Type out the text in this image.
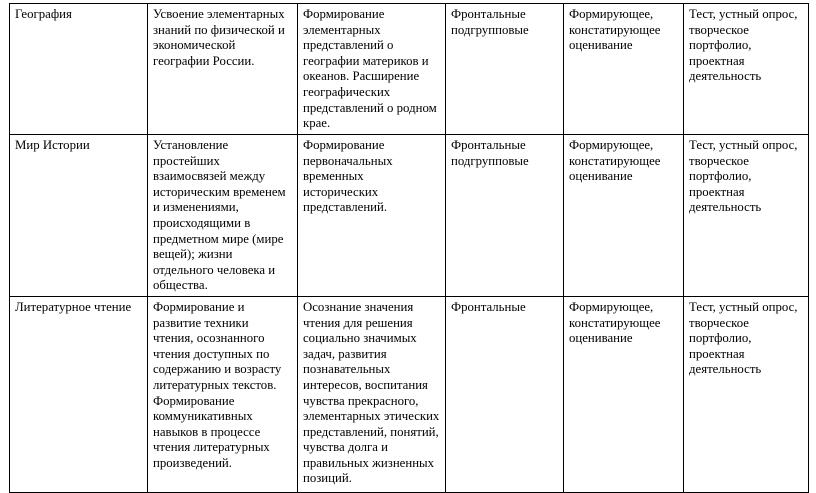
География	Усвоение элементарных знаний по физической и экономической географии России.	Формирование элементарных представлений о географии материков и океанов. Расширение географических представлений о родном крае.	Фронтальные подгрупповые	Формирующее, констатирующее оценивание	Тест, устный опрос, творческое портфолио, проектная деятельность
Мир Истории	Установление простейших взаимосвязей между историческим временем и изменениями, происходящими в предметном мире (мире вещей); жизни отдельного человека и общества.	Формирование первоначальных временных исторических представлений.	Фронтальные подгрупповые	Формирующее, констатирующее оценивание	Тест, устный опрос, творческое портфолио, проектная деятельность
Литературное чтение	Формирование и развитие техники чтения, осознанного чтения доступных по содержанию и возрасту литературных текстов. Формирование коммуникативных навыков в процессе чтения литературных произведений.	Осознание значения чтения для решения социально значимых задач, развития познавательных интересов, воспитания чувства прекрасного, элементарных этических представлений, понятий, чувства долга и правильных жизненных позиций.	Фронтальные	Формирующее, констатирующее оценивание	Тест, устный опрос, творческое портфолио, проектная деятельность
